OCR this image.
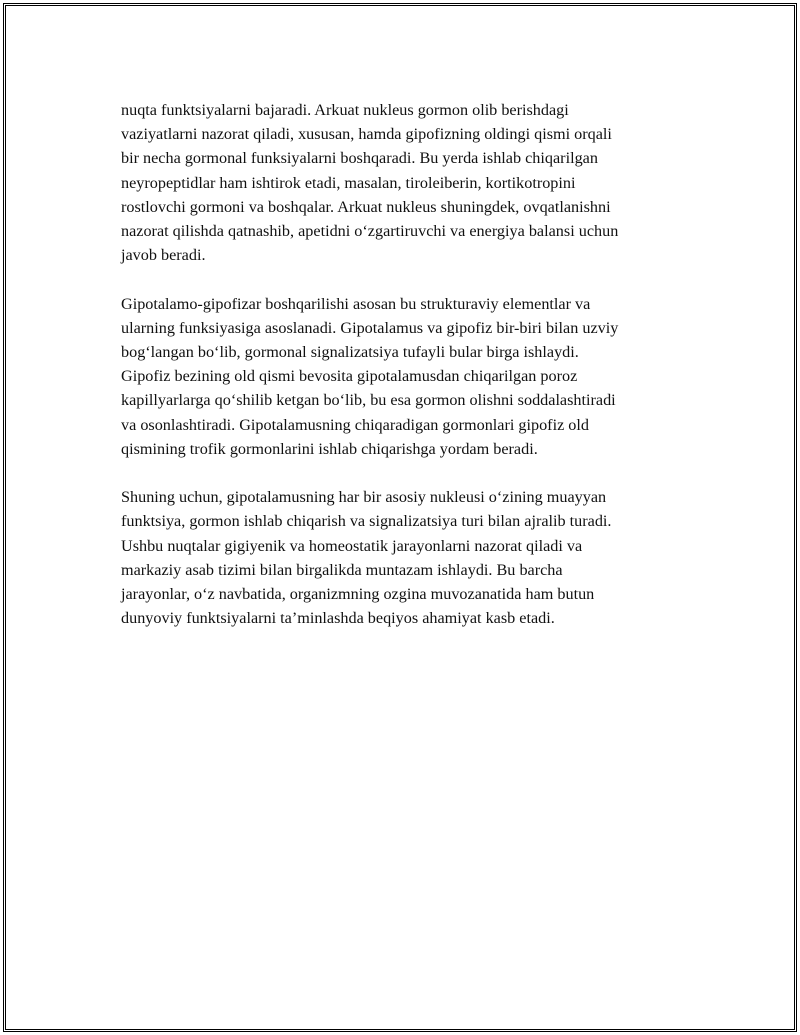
nuqta funktsiyalarni bajaradi. Arkuat nukleus gormon olib berishdagi
vaziyatlarni nazorat qiladi, xususan, hamda gipofizning oldingi qismi orqali
bir necha gormonal funksiyalarni boshqaradi. Bu yerda ishlab chiqarilgan
neyropeptidlar ham ishtirok etadi, masalan, tiroleiberin, kortikotropini
rostlovchi gormoni va boshqalar. Arkuat nukleus shuningdek, ovqatlanishni
nazorat qilishda qatnashib, apetidni o‘zgartiruvchi va energiya balansi uchun
javob beradi.

Gipotalamo-gipofizar boshqarilishi asosan bu strukturaviy elementlar va
ularning funksiyasiga asoslanadi. Gipotalamus va gipofiz bir-biri bilan uzviy
bog‘langan bo‘lib, gormonal signalizatsiya tufayli bular birga ishlaydi.
Gipofiz bezining old qismi bevosita gipotalamusdan chiqarilgan poroz
kapillyarlarga qo‘shilib ketgan bo‘lib, bu esa gormon olishni soddalashtiradi
va osonlashtiradi. Gipotalamusning chiqaradigan gormonlari gipofiz old
qismining trofik gormonlarini ishlab chiqarishga yordam beradi.

Shuning uchun, gipotalamusning har bir asosiy nukleusi o‘zining muayyan
funktsiya, gormon ishlab chiqarish va signalizatsiya turi bilan ajralib turadi.
Ushbu nuqtalar gigiyenik va homeostatik jarayonlarni nazorat qiladi va
markaziy asab tizimi bilan birgalikda muntazam ishlaydi. Bu barcha
jarayonlar, o‘z navbatida, organizmning ozgina muvozanatida ham butun
dunyoviy funktsiyalarni ta’minlashda beqiyos ahamiyat kasb etadi.
